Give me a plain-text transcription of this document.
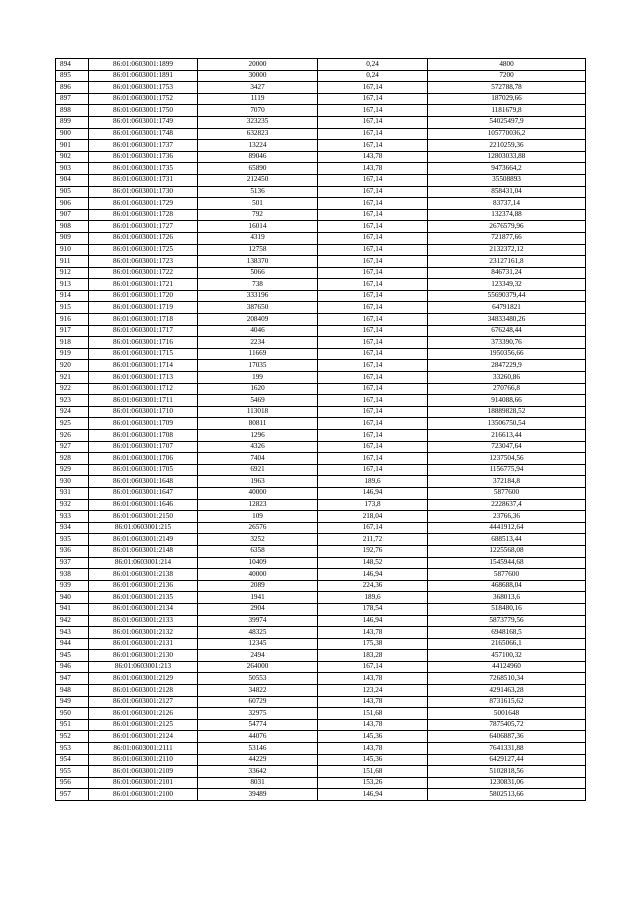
894	86:01:0603001:1899	20000	0,24	4800
895	86:01:0603001:1891	30000	0,24	7200
896	86:01:0603001:1753	3427	167,14	572788,78
897	86:01:0603001:1752	1119	167,14	187029,66
898	86:01:0603001:1750	7070	167,14	1181679,8
899	86:01:0603001:1749	323235	167,14	54025497,9
900	86:01:0603001:1748	632823	167,14	105770036,2
901	86:01:0603001:1737	13224	167,14	2210259,36
902	86:01:0603001:1736	89046	143,78	12803033,88
903	86:01:0603001:1735	65890	143,78	9473664,2
904	86:01:0603001:1731	212450	167,14	35508893
905	86:01:0603001:1730	5136	167,14	858431,04
906	86:01:0603001:1729	501	167,14	83737,14
907	86:01:0603001:1728	792	167,14	132374,88
908	86:01:0603001:1727	16014	167,14	2676579,96
909	86:01:0603001:1726	4319	167,14	721877,66
910	86:01:0603001:1725	12758	167,14	2132372,12
911	86:01:0603001:1723	138370	167,14	23127161,8
912	86:01:0603001:1722	5066	167,14	846731,24
913	86:01:0603001:1721	738	167,14	123349,32
914	86:01:0603001:1720	333196	167,14	55690379,44
915	86:01:0603001:1719	387650	167,14	64791821
916	86:01:0603001:1718	208409	167,14	34833480,26
917	86:01:0603001:1717	4046	167,14	676248,44
918	86:01:0603001:1716	2234	167,14	373390,76
919	86:01:0603001:1715	11669	167,14	1950356,66
920	86:01:0603001:1714	17035	167,14	2847229,9
921	86:01:0603001:1713	199	167,14	33260,86
922	86:01:0603001:1712	1620	167,14	270766,8
923	86:01:0603001:1711	5469	167,14	914088,66
924	86:01:0603001:1710	113018	167,14	18889828,52
925	86:01:0603001:1709	80811	167,14	13506750,54
926	86:01:0603001:1708	1296	167,14	216613,44
927	86:01:0603001:1707	4326	167,14	723047,64
928	86:01:0603001:1706	7404	167,14	1237504,56
929	86:01:0603001:1705	6921	167,14	1156775,94
930	86:01:0603001:1648	1963	189,6	372184,8
931	86:01:0603001:1647	40000	146,94	5877600
932	86:01:0603001:1646	12823	173,8	2228637,4
933	86:01:0603001:2150	109	218,04	23766,36
934	86:01:0603001:215	26576	167,14	4441912,64
935	86:01:0603001:2149	3252	211,72	688513,44
936	86:01:0603001:2148	6358	192,76	1225568,08
937	86:01:0603001:214	10409	148,52	1545944,68
938	86:01:0603001:2138	40000	146,94	5877600
939	86:01:0603001:2136	2089	224,36	468688,04
940	86:01:0603001:2135	1941	189,6	368013,6
941	86:01:0603001:2134	2904	178,54	518480,16
942	86:01:0603001:2133	39974	146,94	5873779,56
943	86:01:0603001:2132	48325	143,78	6948168,5
944	86:01:0603001:2131	12345	175,38	2165066,1
945	86:01:0603001:2130	2494	183,28	457100,32
946	86:01:0603001:213	264000	167,14	44124960
947	86:01:0603001:2129	50553	143,78	7268510,34
948	86:01:0603001:2128	34822	123,24	4291463,28
949	86:01:0603001:2127	60729	143,78	8731615,62
950	86:01:0603001:2126	32975	151,68	5001648
951	86:01:0603001:2125	54774	143,78	7875405,72
952	86:01:0603001:2124	44076	145,36	6406887,36
953	86:01:0603001:2111	53146	143,78	7641331,88
954	86:01:0603001:2110	44229	145,36	6429127,44
955	86:01:0603001:2109	33642	151,68	5102818,56
956	86:01:0603001:2101	8031	153,26	1230831,06
957	86:01:0603001:2100	39489	146,94	5802513,66
